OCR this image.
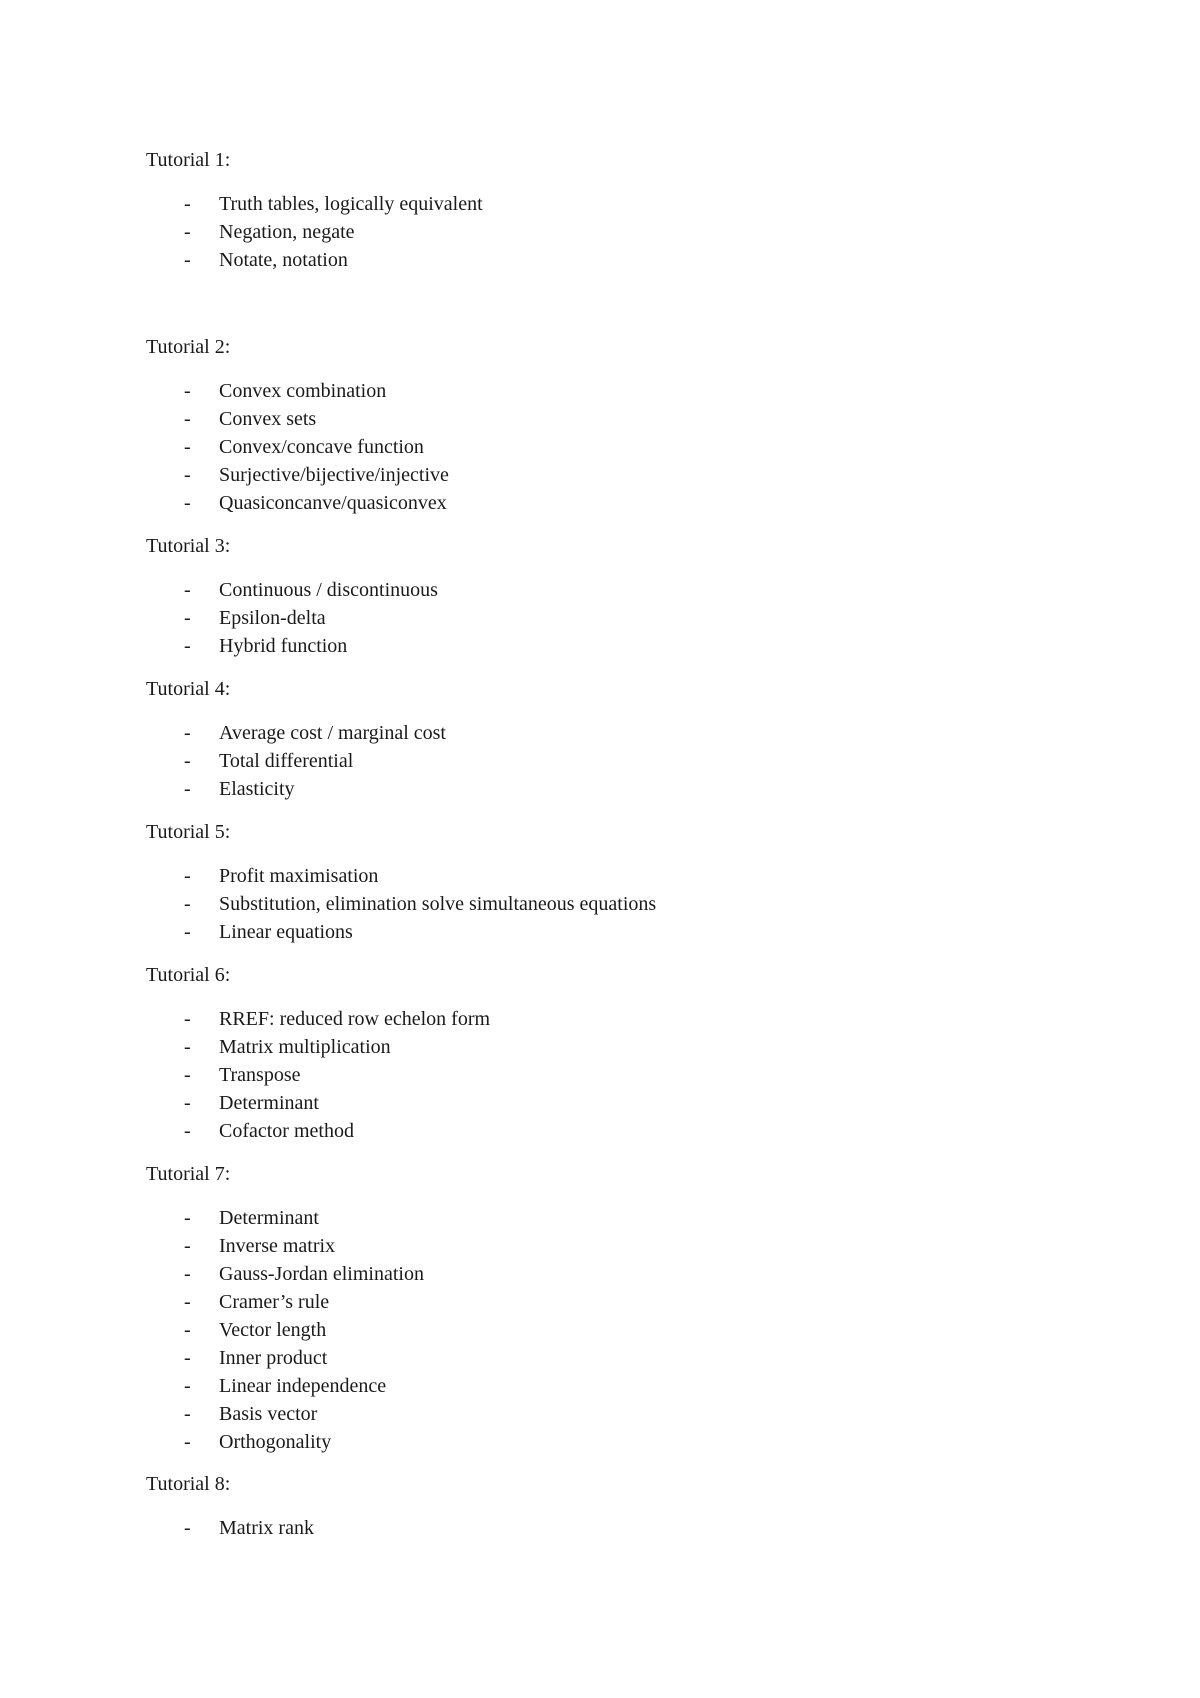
Tutorial 1:
- Truth tables, logically equivalent
- Negation, negate
- Notate, notation
Tutorial 2:
- Convex combination
- Convex sets
- Convex/concave function
- Surjective/bijective/injective
- Quasiconcanve/quasiconvex
Tutorial 3:
- Continuous / discontinuous
- Epsilon-delta
- Hybrid function
Tutorial 4:
- Average cost / marginal cost
- Total differential
- Elasticity
Tutorial 5:
- Profit maximisation
- Substitution, elimination solve simultaneous equations
- Linear equations
Tutorial 6:
- RREF: reduced row echelon form
- Matrix multiplication
- Transpose
- Determinant
- Cofactor method
Tutorial 7:
- Determinant
- Inverse matrix
- Gauss-Jordan elimination
- Cramer’s rule
- Vector length
- Inner product
- Linear independence
- Basis vector
- Orthogonality
Tutorial 8:
- Matrix rank
